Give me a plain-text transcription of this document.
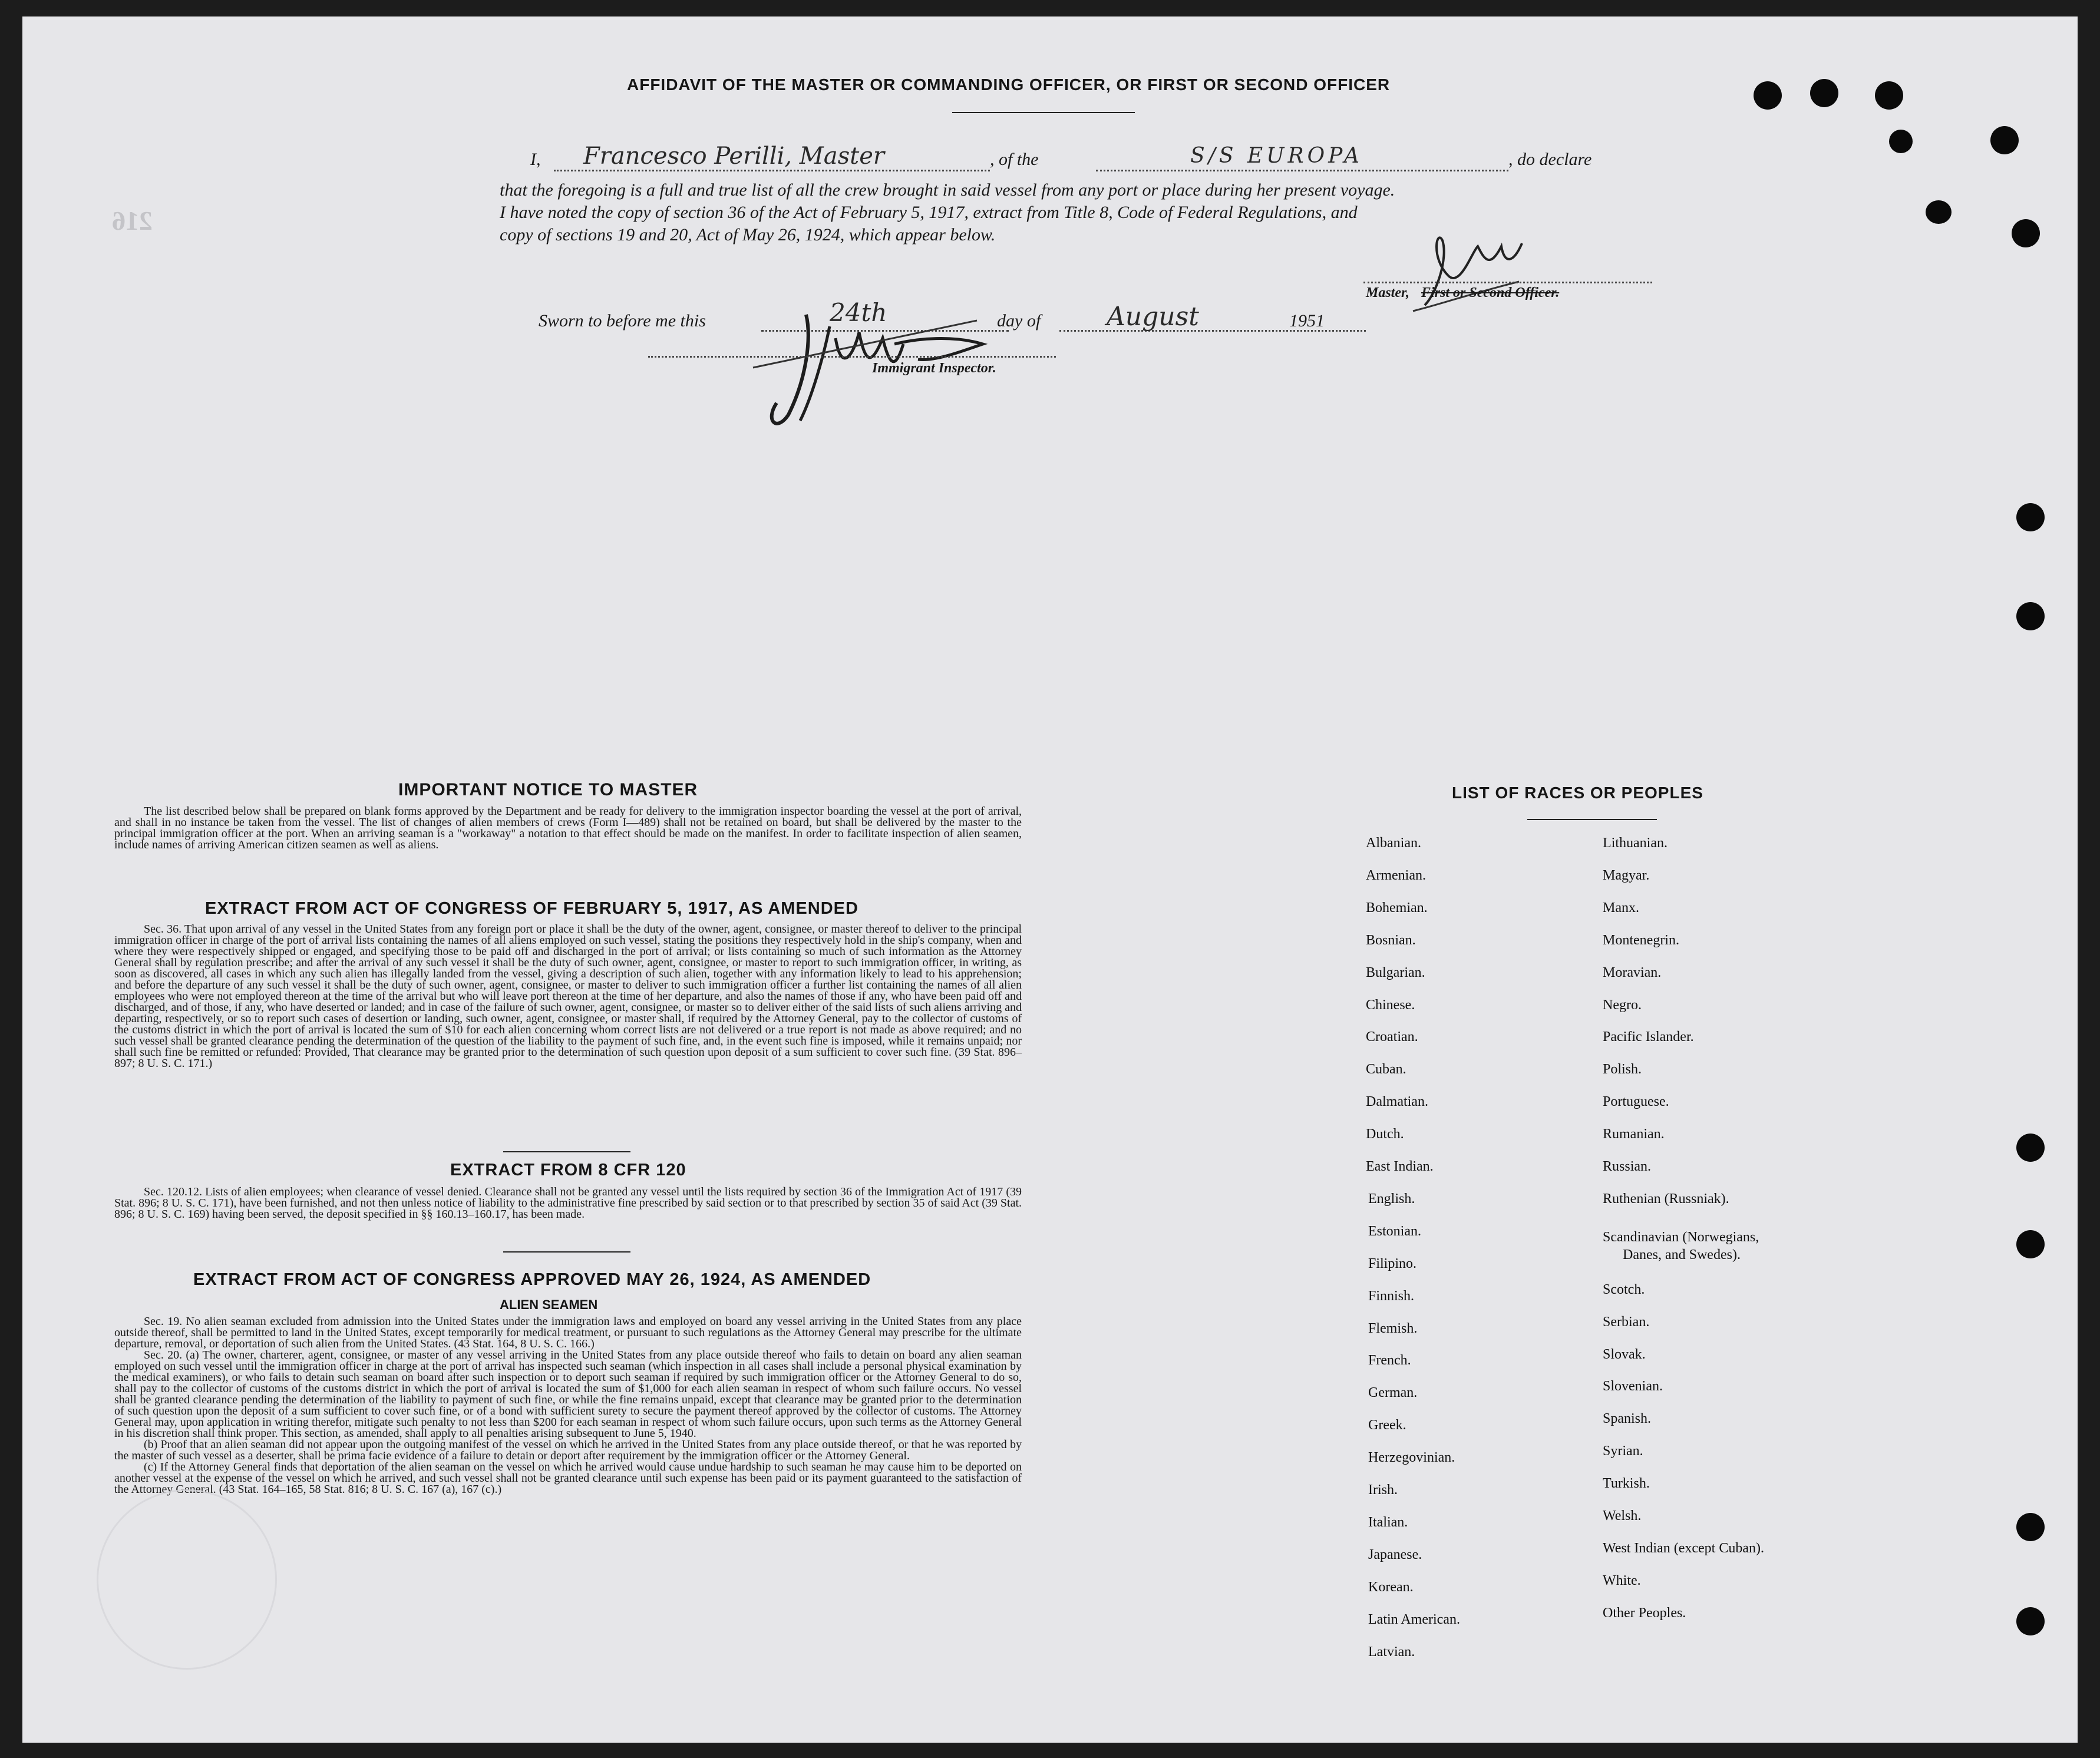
216
AFFIDAVIT OF THE MASTER OR COMMANDING OFFICER, OR FIRST OR SECOND OFFICER
I, Francesco Perilli, Master	, of the	S/S EUROPA	, do declare
that the foregoing is a full and true list of all the crew brought in said vessel from any port or place during her present voyage.
I have noted the copy of section 36 of the Act of February 5, 1917, extract from Title 8, Code of Federal Regulations, and
copy of sections 19 and 20, Act of May 26, 1924, which appear below.
Master, First or Second Officer.
Sworn to before me this	24th	day of	August	1951
Immigrant Inspector.
IMPORTANT NOTICE TO MASTER
The list described below shall be prepared on blank forms approved by the Department and be ready for delivery to the immigration inspector boarding the vessel at the port of arrival, and shall in no instance be taken from the vessel. The list of changes of alien members of crews (Form I—489) shall not be retained on board, but shall be delivered by the master to the principal immigration officer at the port. When an arriving seaman is a "workaway" a notation to that effect should be made on the manifest. In order to facilitate inspection of alien seamen, include names of arriving American citizen seamen as well as aliens.
EXTRACT FROM ACT OF CONGRESS OF FEBRUARY 5, 1917, AS AMENDED
Sec. 36. That upon arrival of any vessel in the United States from any foreign port or place it shall be the duty of the owner, agent, consignee, or master thereof to deliver to the principal immigration officer in charge of the port of arrival lists containing the names of all aliens employed on such vessel, stating the positions they respectively hold in the ship's company, when and where they were respectively shipped or engaged, and specifying those to be paid off and discharged in the port of arrival; or lists containing so much of such information as the Attorney General shall by regulation prescribe; and after the arrival of any such vessel it shall be the duty of such owner, agent, consignee, or master to report to such immigration officer, in writing, as soon as discovered, all cases in which any such alien has illegally landed from the vessel, giving a description of such alien, together with any information likely to lead to his apprehension; and before the departure of any such vessel it shall be the duty of such owner, agent, consignee, or master to deliver to such immigration officer a further list containing the names of all alien employees who were not employed thereon at the time of the arrival but who will leave port thereon at the time of her departure, and also the names of those if any, who have been paid off and discharged, and of those, if any, who have deserted or landed; and in case of the failure of such owner, agent, consignee, or master so to deliver either of the said lists of such aliens arriving and departing, respectively, or so to report such cases of desertion or landing, such owner, agent, consignee, or master shall, if required by the Attorney General, pay to the collector of customs of the customs district in which the port of arrival is located the sum of $10 for each alien concerning whom correct lists are not delivered or a true report is not made as above required; and no such vessel shall be granted clearance pending the determination of the question of the liability to the payment of such fine, and, in the event such fine is imposed, while it remains unpaid; nor shall such fine be remitted or refunded: Provided, That clearance may be granted prior to the determination of such question upon deposit of a sum sufficient to cover such fine. (39 Stat. 896–897; 8 U. S. C. 171.)
EXTRACT FROM 8 CFR 120
Sec. 120.12. Lists of alien employees; when clearance of vessel denied. Clearance shall not be granted any vessel until the lists required by section 36 of the Immigration Act of 1917 (39 Stat. 896; 8 U. S. C. 171), have been furnished, and not then unless notice of liability to the administrative fine prescribed by said section or to that prescribed by section 35 of said Act (39 Stat. 896; 8 U. S. C. 169) having been served, the deposit specified in §§ 160.13–160.17, has been made.
EXTRACT FROM ACT OF CONGRESS APPROVED MAY 26, 1924, AS AMENDED
ALIEN SEAMEN
Sec. 19. No alien seaman excluded from admission into the United States under the immigration laws and employed on board any vessel arriving in the United States from any place outside thereof, shall be permitted to land in the United States, except temporarily for medical treatment, or pursuant to such regulations as the Attorney General may prescribe for the ultimate departure, removal, or deportation of such alien from the United States. (43 Stat. 164, 8 U. S. C. 166.)
Sec. 20. (a) The owner, charterer, agent, consignee, or master of any vessel arriving in the United States from any place outside thereof who fails to detain on board any alien seaman employed on such vessel until the immigration officer in charge at the port of arrival has inspected such seaman (which inspection in all cases shall include a personal physical examination by the medical examiners), or who fails to detain such seaman on board after such inspection or to deport such seaman if required by such immigration officer or the Attorney General to do so, shall pay to the collector of customs of the customs district in which the port of arrival is located the sum of $1,000 for each alien seaman in respect of whom such failure occurs. No vessel shall be granted clearance pending the determination of the liability to payment of such fine, or while the fine remains unpaid, except that clearance may be granted prior to the determination of such question upon the deposit of a sum sufficient to cover such fine, or of a bond with sufficient surety to secure the payment thereof approved by the collector of customs. The Attorney General may, upon application in writing therefor, mitigate such penalty to not less than $200 for each seaman in respect of whom such failure occurs, upon such terms as the Attorney General in his discretion shall think proper. This section, as amended, shall apply to all penalties arising subsequent to June 5, 1940.
(b) Proof that an alien seaman did not appear upon the outgoing manifest of the vessel on which he arrived in the United States from any place outside thereof, or that he was reported by the master of such vessel as a deserter, shall be prima facie evidence of a failure to detain or deport after requirement by the immigration officer or the Attorney General.
(c) If the Attorney General finds that deportation of the alien seaman on the vessel on which he arrived would cause undue hardship to such seaman he may cause him to be deported on another vessel at the expense of the vessel on which he arrived, and such vessel shall not be granted clearance until such expense has been paid or its payment guaranteed to the satisfaction of the Attorney General. (43 Stat. 164–165, 58 Stat. 816; 8 U. S. C. 167 (a), 167 (c).)
LIST OF RACES OR PEOPLES
Albanian.
Armenian.
Bohemian.
Bosnian.
Bulgarian.
Chinese.
Croatian.
Cuban.
Dalmatian.
Dutch.
East Indian.
English.
Estonian.
Filipino.
Finnish.
Flemish.
French.
German.
Greek.
Herzegovinian.
Irish.
Italian.
Japanese.
Korean.
Latin American.
Latvian.
Lithuanian.
Magyar.
Manx.
Montenegrin.
Moravian.
Negro.
Pacific Islander.
Polish.
Portuguese.
Rumanian.
Russian.
Ruthenian (Russniak).
Scandinavian (Norwegians,
Danes, and Swedes).
Scotch.
Serbian.
Slovak.
Slovenian.
Spanish.
Syrian.
Turkish.
Welsh.
West Indian (except Cuban).
White.
Other Peoples.
